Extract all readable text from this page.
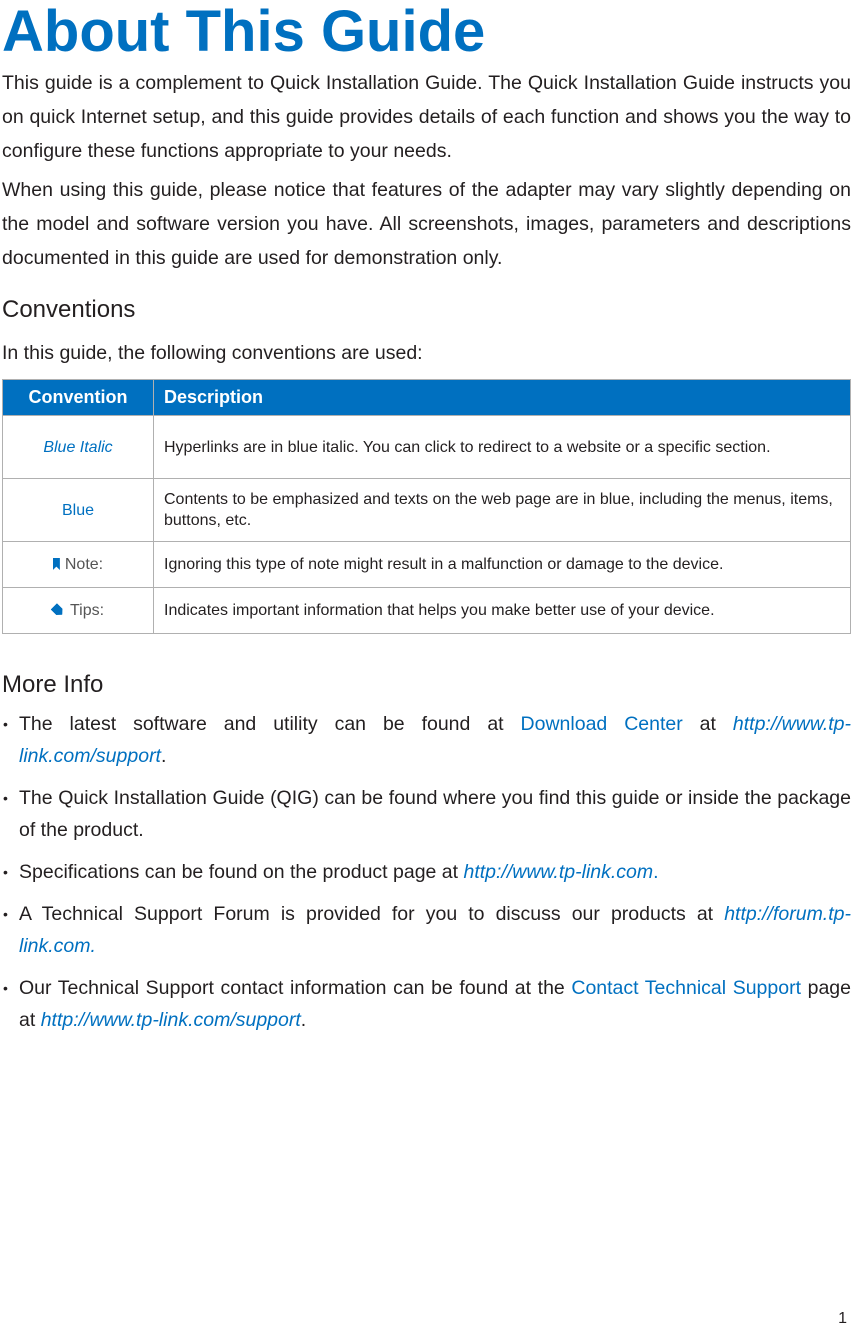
About This Guide

This guide is a complement to Quick Installation Guide. The Quick Installation Guide instructs you on quick Internet setup, and this guide provides details of each function and shows you the way to configure these functions appropriate to your needs.

When using this guide, please notice that features of the adapter may vary slightly depending on the model and software version you have. All screenshots, images, parameters and descriptions documented in this guide are used for demonstration only.

Conventions

In this guide, the following conventions are used:

Convention	Description
Blue Italic	Hyperlinks are in blue italic. You can click to redirect to a website or a specific section.
Blue	Contents to be emphasized and texts on the web page are in blue, including the menus, items, buttons, etc.
Note:	Ignoring this type of note might result in a malfunction or damage to the device.
Tips:	Indicates important information that helps you make better use of your device.
More Info
• The latest software and utility can be found at Download Center at http://www.tp-link.com/support.
• The Quick Installation Guide (QIG) can be found where you find this guide or inside the package of the product.
• Specifications can be found on the product page at http://www.tp-link.com.
• A Technical Support Forum is provided for you to discuss our products at http://forum.tp-link.com.
• Our Technical Support contact information can be found at the Contact Technical Support page at http://www.tp-link.com/support.
1
